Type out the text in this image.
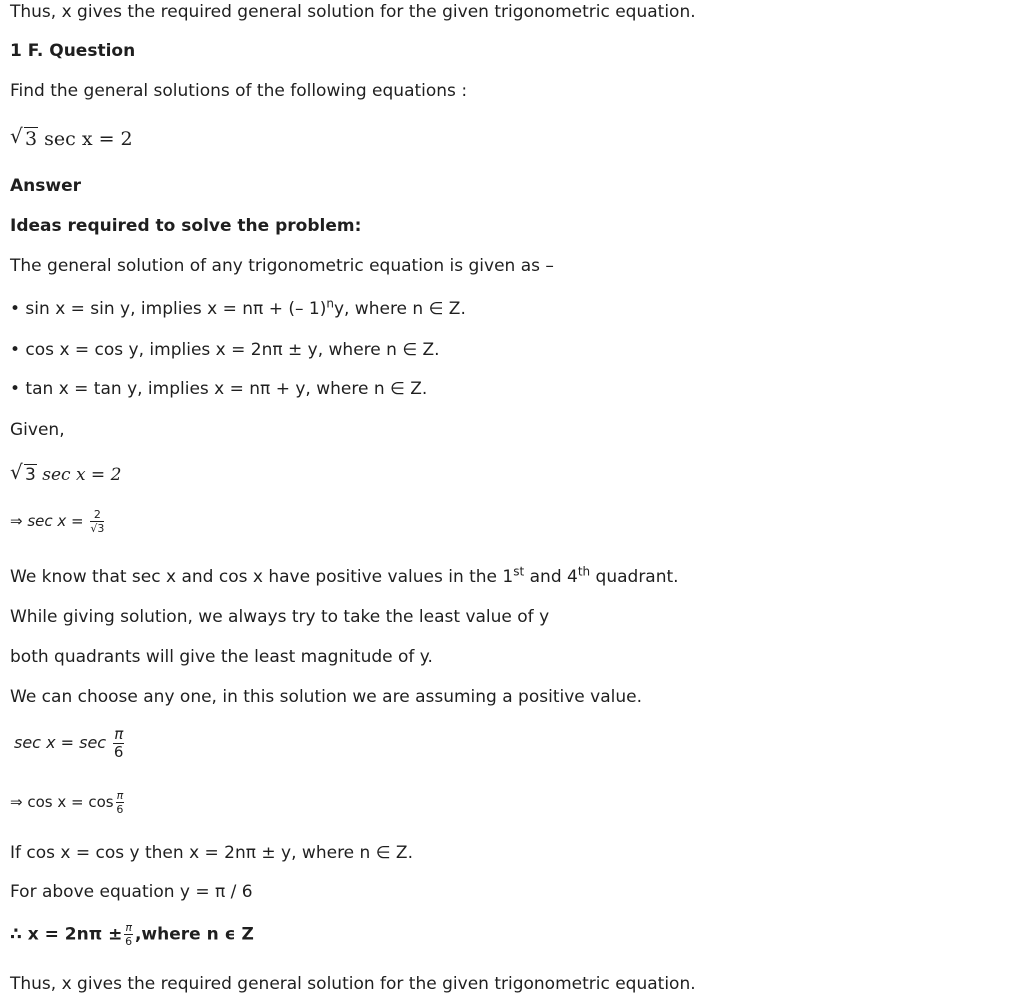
Thus, x gives the required general solution for the given trigonometric equation.
1 F. Question
Find the general solutions of the following equations :
√ 3 sec x = 2
Answer
Ideas required to solve the problem:
The general solution of any trigonometric equation is given as –
• sin x = sin y, implies x = nπ + (– 1)$^n$y, where n ∈ Z.
• cos x = cos y, implies x = 2nπ ± y, where n ∈ Z.
• tan x = tan y, implies x = nπ + y, where n ∈ Z.
Given,
√ 3 sec x = 2
⇒ $\sec x = \frac{2}{√3}$
We know that sec x and cos x have positive values in the 1st and 4th quadrant.
While giving solution, we always try to take the least value of y
both quadrants will give the least magnitude of y.
We can choose any one, in this solution we are assuming a positive value.
$\sec x = \sec \frac{\pi}{6}$
⇒ $\cos x = \cos \frac{\pi}{6}$
If cos x = cos y then x = 2nπ ± y, where n ∈ Z.
For above equation y = π / 6
∴ $x = 2n\pi \pm \frac{\pi}{6}$ ,where n ϵ Z
Thus, x gives the required general solution for the given trigonometric equation.
